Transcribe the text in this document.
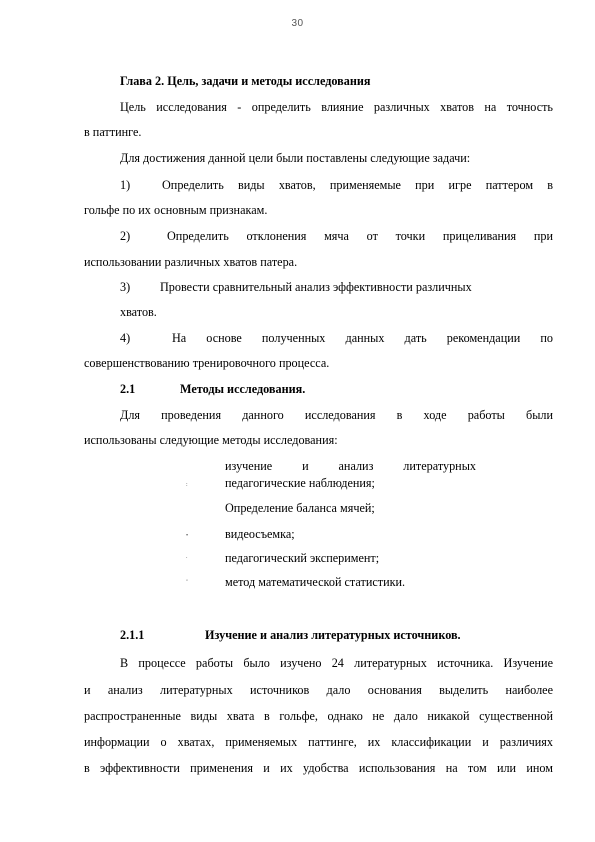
30
Глава 2. Цель, задачи и методы исследования
Цель исследования - определить влияние различных хватов на точность
в паттинге.
Для достижения данной цели были поставлены следующие задачи:
1)	Определить виды хватов, применяемые при игре паттером в
гольфе по их основным признакам.
2)	Определить отклонения мяча от точки прицеливания при
использовании различных хватов патера.
3) Провести сравнительный анализ эффективности различных
хватов.
4)	На основе полученных данных дать рекомендации по
совершенствованию тренировочного процесса.
2.1	Методы исследования.
Для проведения данного исследования в ходе работы были
использованы следующие методы исследования:
изучение и анализ литературных
:	педагогические наблюдения;
Определение баланса мячей;
•	видеосъемка;
.	педагогический эксперимент;
◦	метод математической статистики.
2.1.1	Изучение и анализ литературных источников.
В процессе работы было изучено 24 литературных источника. Изучение
и анализ литературных источников дало основания выделить наиболее
распространенные виды хвата в гольфе, однако не дало никакой существенной
информации о хватах, применяемых паттинге, их классификации и различиях
в эффективности применения и их удобства использования на том или ином
